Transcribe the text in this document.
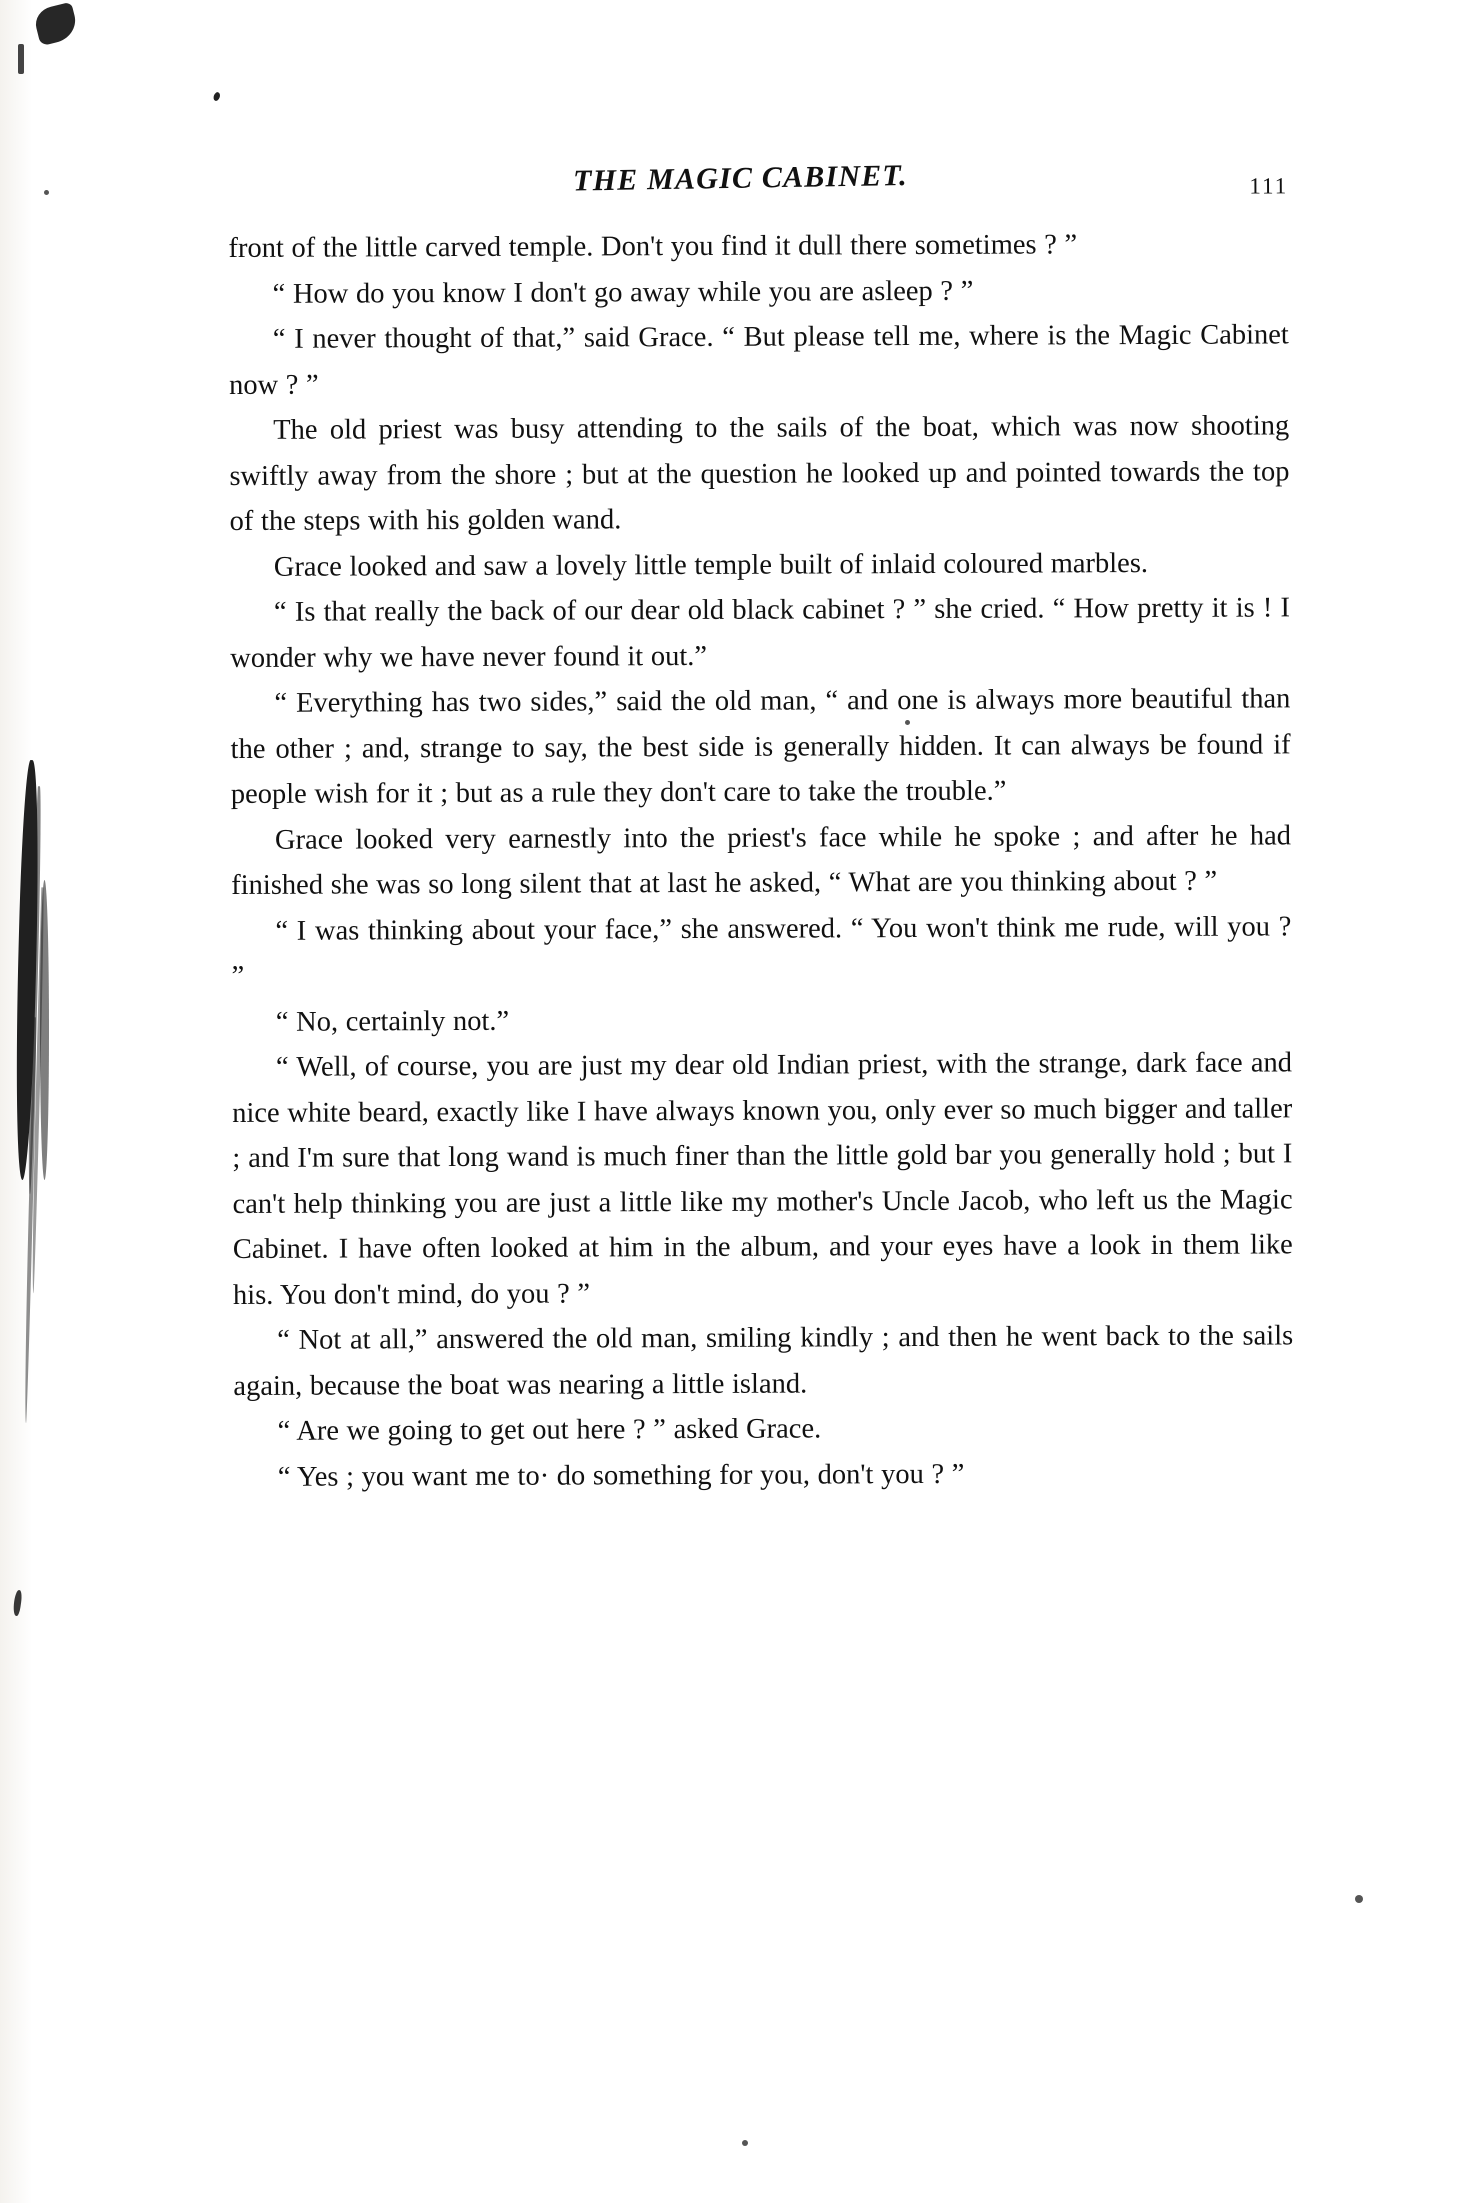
THE MAGIC CABINET.	111

front of the little carved temple. Don't you find it dull there sometimes ? ”

“ How do you know I don't go away while you are asleep ? ”

“ I never thought of that,” said Grace. “ But please tell me, where is the Magic Cabinet now ? ”

The old priest was busy attending to the sails of the boat, which was now shooting swiftly away from the shore ; but at the question he looked up and pointed towards the top of the steps with his golden wand.

Grace looked and saw a lovely little temple built of inlaid coloured marbles.

“ Is that really the back of our dear old black cabinet ? ” she cried. “ How pretty it is ! I wonder why we have never found it out.”

“ Everything has two sides,” said the old man, “ and one is always more beautiful than the other ; and, strange to say, the best side is generally hidden. It can always be found if people wish for it ; but as a rule they don't care to take the trouble.”

Grace looked very earnestly into the priest's face while he spoke ; and after he had finished she was so long silent that at last he asked, “ What are you thinking about ? ”

“ I was thinking about your face,” she answered. “ You won't think me rude, will you ? ”

“ No, certainly not.”

“ Well, of course, you are just my dear old Indian priest, with the strange, dark face and nice white beard, exactly like I have always known you, only ever so much bigger and taller ; and I'm sure that long wand is much finer than the little gold bar you generally hold ; but I can't help thinking you are just a little like my mother's Uncle Jacob, who left us the Magic Cabinet. I have often looked at him in the album, and your eyes have a look in them like his. You don't mind, do you ? ”

“ Not at all,” answered the old man, smiling kindly ; and then he went back to the sails again, because the boat was nearing a little island.

“ Are we going to get out here ? ” asked Grace.

“ Yes ; you want me to· do something for you, don't you ? ”
